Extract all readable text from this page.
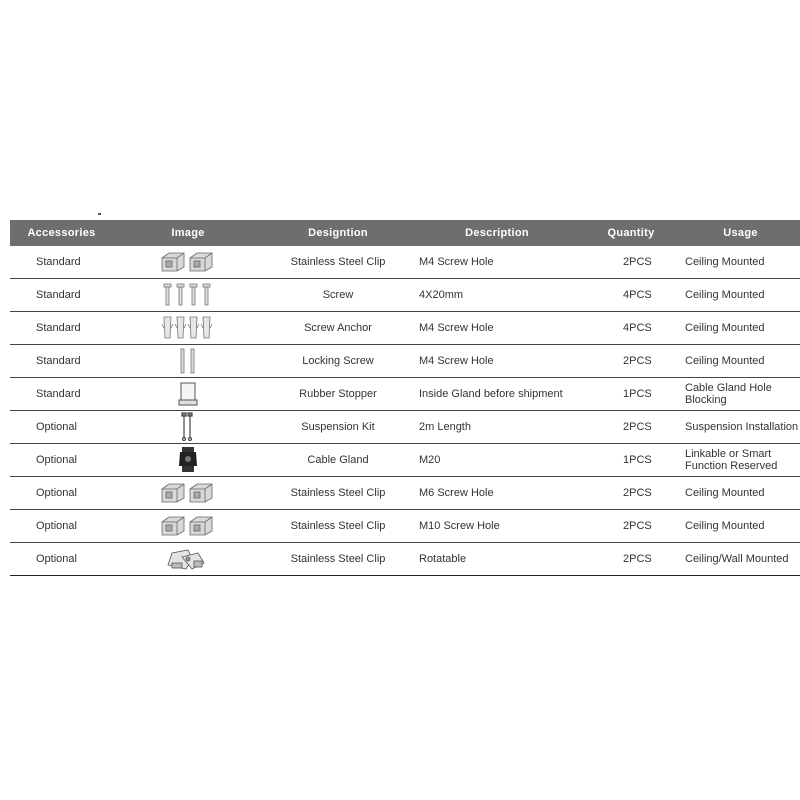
Accessories	Image	Designtion	Description	Quantity	Usage
Standard		Stainless Steel Clip	M4 Screw Hole	2PCS	Ceiling Mounted
Standard		Screw	4X20mm	4PCS	Ceiling Mounted
Standard		Screw Anchor	M4 Screw Hole	4PCS	Ceiling Mounted
Standard		Locking Screw	M4 Screw Hole	2PCS	Ceiling Mounted
Standard		Rubber Stopper	Inside Gland before shipment	1PCS	Cable Gland Hole Blocking
Optional		Suspension Kit	2m Length	2PCS	Suspension Installation
Optional		Cable Gland	M20	1PCS	Linkable or Smart Function Reserved
Optional		Stainless Steel Clip	M6 Screw Hole	2PCS	Ceiling Mounted
Optional		Stainless Steel Clip	M10 Screw Hole	2PCS	Ceiling Mounted
Optional		Stainless Steel Clip	Rotatable	2PCS	Ceiling/Wall Mounted
